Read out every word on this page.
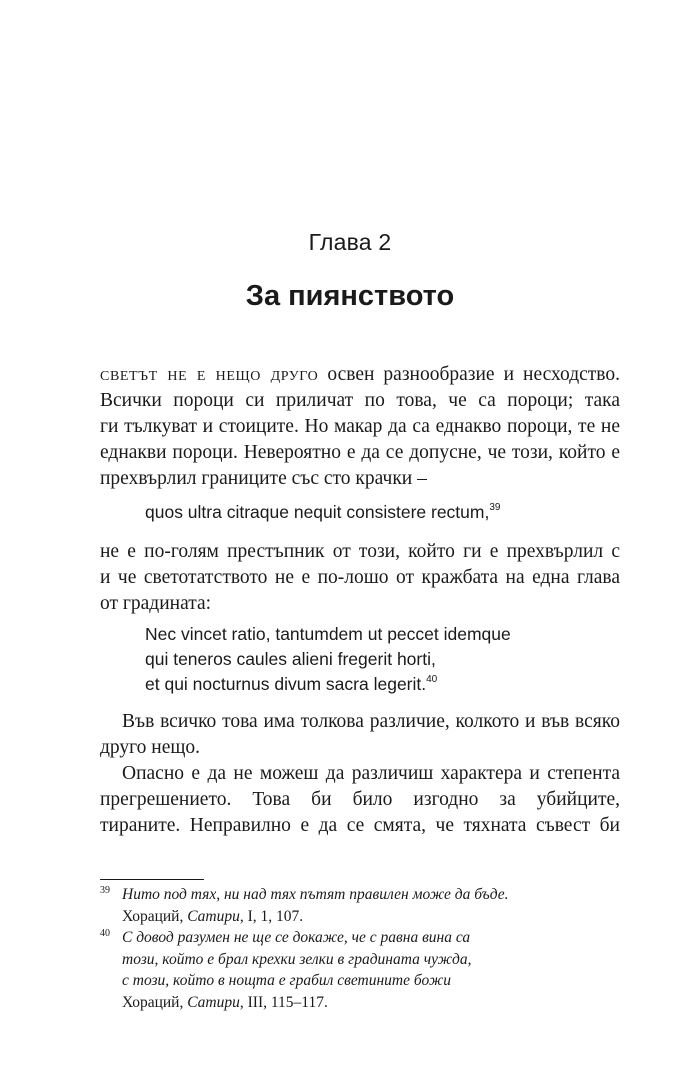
Глава 2
За пиянството
светът не е нещо друго освен разнообразие и несходство.
Всички пороци си приличат по това, че са пороци; така
ги тълкуват и стоиците. Но макар да са еднакво пороци, те не
еднакви пороци. Невероятно е да се допусне, че този, който е
прехвърлил границите със сто крачки –
quos ultra citraque nequit consistere rectum,$^{39}$
не е по-голям престъпник от този, който ги е прехвърлил с
и че светотатството не е по-лошо от кражбата на една глава
от градината:
Nec vincet ratio, tantumdem ut peccet idemque
qui teneros caules alieni fregerit horti,
et qui nocturnus divum sacra legerit.$^{40}$
Във всичко това има толкова различие, колкото и във всяко
друго нещо.
Опасно е да не можеш да различиш характера и степента
прегрешението. Това би било изгодно за убийците,
тираните. Неправилно е да се смята, че тяхната съвест би
39 Нито под тях, ни над тях пътят правилен може да бъде.
Хораций, Сатири, I, 1, 107.
40 С довод разумен не ще се докаже, че с равна вина са
този, който е брал крехки зелки в градината чужда,
с този, който в нощта е грабил светините божи
Хораций, Сатири, III, 115–117.
